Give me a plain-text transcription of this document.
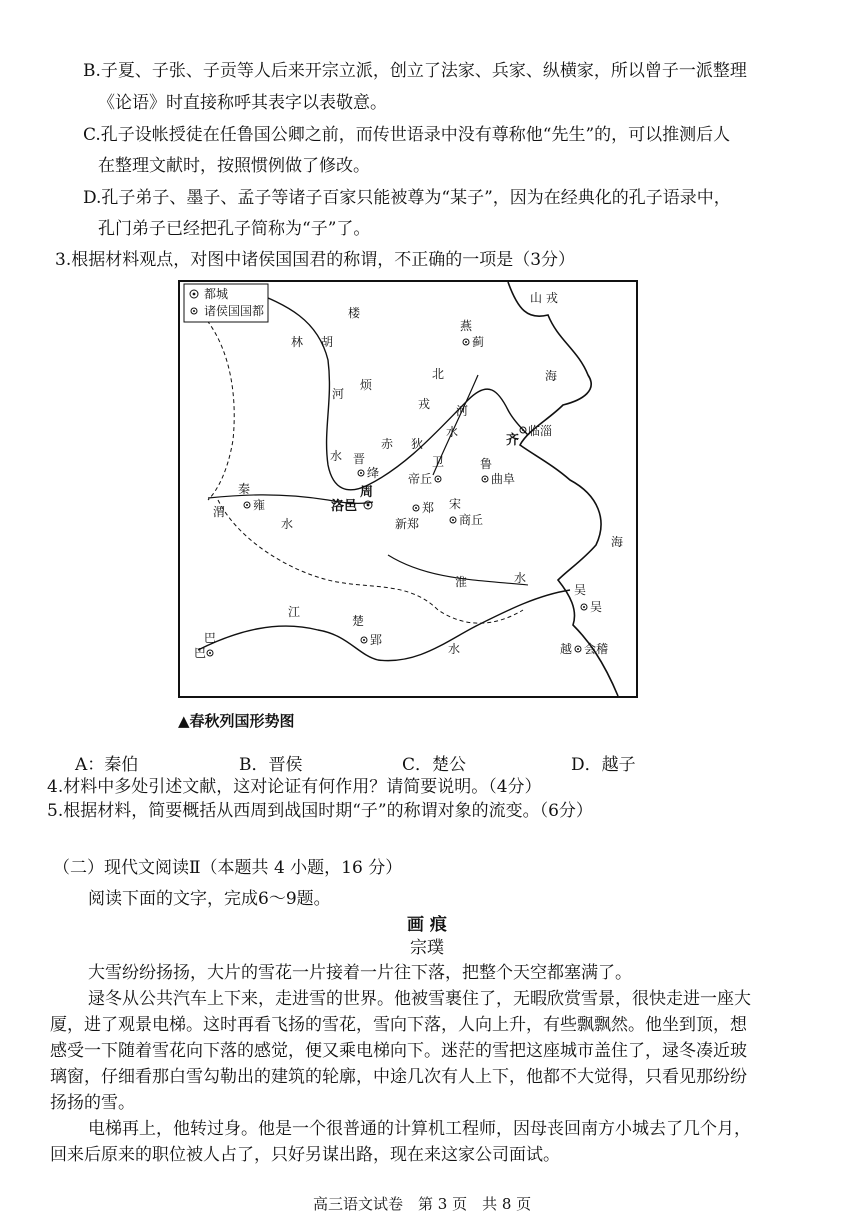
B.子夏、子张、子贡等人后来开宗立派，创立了法家、兵家、纵横家，所以曾子一派整理
《论语》时直接称呼其表字以表敬意。
C.孔子设帐授徒在任鲁国公卿之前，而传世语录中没有尊称他“先生”的，可以推测后人
在整理文献时，按照惯例做了修改。
D.孔子弟子、墨子、孟子等诸子百家只能被尊为“某子”，因为在经典化的孔子语录中，
孔门弟子已经把孔子简称为“子”了。
3.根据材料观点，对图中诸侯国国君的称谓，不正确的一项是（3分）
都城
诸侯国国都	楼
烦
林 胡
山 戎
燕
蓟
北
戎
河
水
河
水
海
海
赤 狄	齐
临淄
晋
绛
卫
帝丘
鲁
曲阜
秦
雍
周
洛邑	郑
新郑
宋
商丘
渭
水
淮	水
江
水
巴
巴
楚
郢
吴
吴
越 会稽
▲春秋列国形势图
A：秦伯	B．晋侯	C．楚公	D．越子
4.材料中多处引述文献，这对论证有何作用？请简要说明。（4分）
5.根据材料，简要概括从西周到战国时期“子”的称谓对象的流变。（6分）
（二）现代文阅读Ⅱ（本题共 4 小题，16 分）
阅读下面的文字，完成6～9题。
画 痕
宗璞
大雪纷纷扬扬，大片的雪花一片接着一片往下落，把整个天空都塞满了。
逯冬从公共汽车上下来，走进雪的世界。他被雪裹住了，无暇欣赏雪景，很快走进一座大
厦，进了观景电梯。这时再看飞扬的雪花，雪向下落，人向上升，有些飘飘然。他坐到顶，想
感受一下随着雪花向下落的感觉，便又乘电梯向下。迷茫的雪把这座城市盖住了，逯冬凑近玻
璃窗，仔细看那白雪勾勒出的建筑的轮廓，中途几次有人上下，他都不大觉得，只看见那纷纷
扬扬的雪。
电梯再上，他转过身。他是一个很普通的计算机工程师，因母丧回南方小城去了几个月，
回来后原来的职位被人占了，只好另谋出路，现在来这家公司面试。
高三语文试卷　第 3 页　共 8 页
